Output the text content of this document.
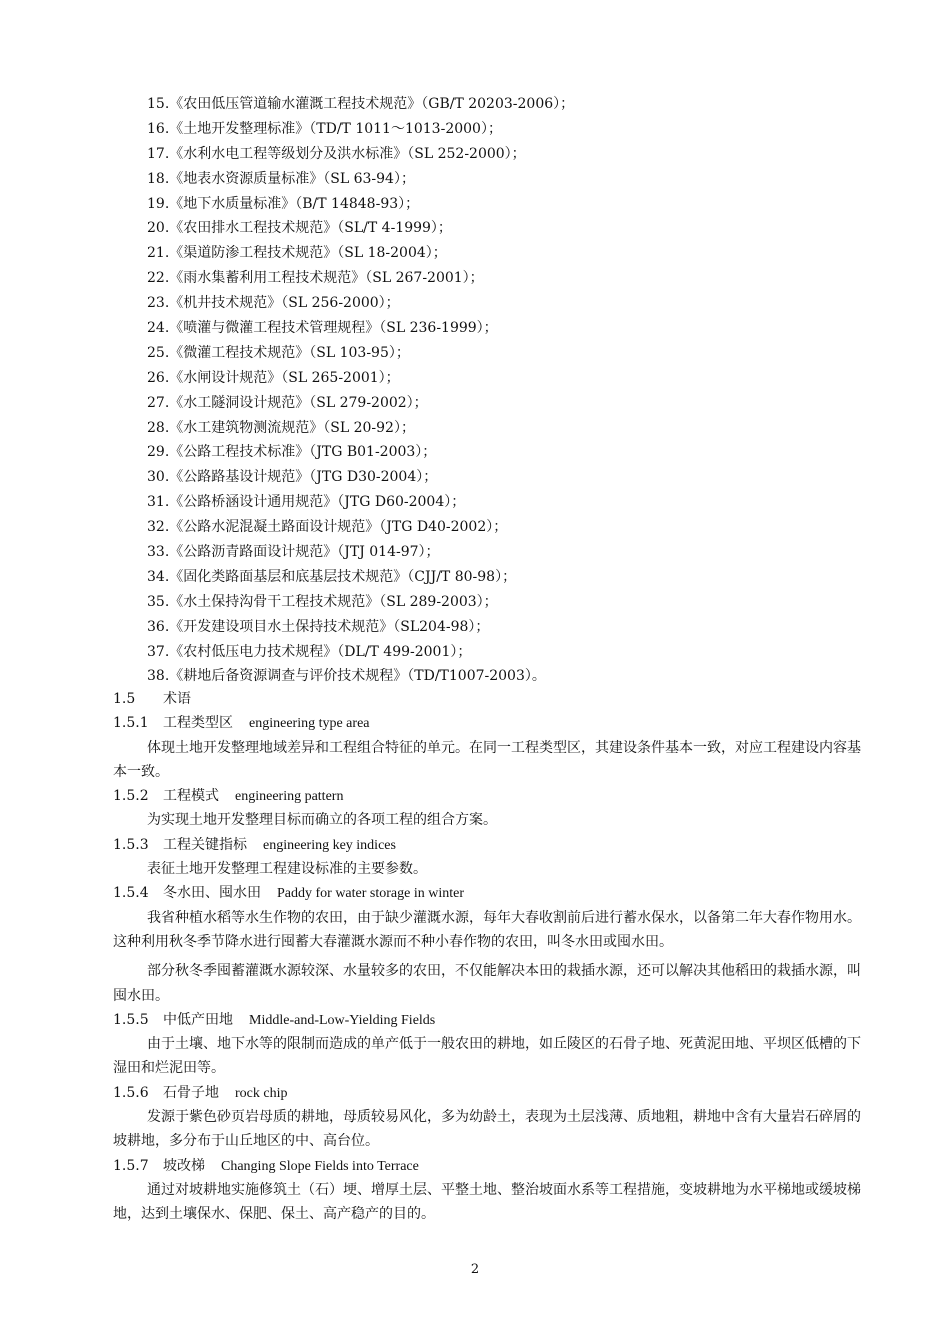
15.《农田低压管道输水灌溉工程技术规范》（GB/T 20203-2006）；
16.《土地开发整理标准》（TD/T 1011～1013-2000）；
17.《水利水电工程等级划分及洪水标准》（SL 252-2000）；
18.《地表水资源质量标准》（SL 63-94）；
19.《地下水质量标准》（B/T 14848-93）；
20.《农田排水工程技术规范》（SL/T 4-1999）；
21.《渠道防渗工程技术规范》（SL 18-2004）；
22.《雨水集蓄利用工程技术规范》（SL 267-2001）；
23.《机井技术规范》（SL 256-2000）；
24.《喷灌与微灌工程技术管理规程》（SL 236-1999）；
25.《微灌工程技术规范》（SL 103-95）；
26.《水闸设计规范》（SL 265-2001）；
27.《水工隧洞设计规范》（SL 279-2002）；
28.《水工建筑物测流规范》（SL 20-92）；
29.《公路工程技术标准》（JTG B01-2003）；
30.《公路路基设计规范》（JTG D30-2004）；
31.《公路桥涵设计通用规范》（JTG D60-2004）；
32.《公路水泥混凝土路面设计规范》（JTG D40-2002）；
33.《公路沥青路面设计规范》（JTJ 014-97）；
34.《固化类路面基层和底基层技术规范》（CJJ/T 80-98）；
35.《水土保持沟骨干工程技术规范》（SL 289-2003）；
36.《开发建设项目水土保持技术规范》（SL204-98）；
37.《农村低压电力技术规程》（DL/T 499-2001）；
38.《耕地后备资源调查与评价技术规程》（TD/T1007-2003）。
1.5 术语
1.5.1 工程类型区 engineering type area

体现土地开发整理地域差异和工程组合特征的单元。在同一工程类型区，其建设条件基本一致，对应工程建设内容基本一致。

1.5.2 工程模式 engineering pattern

为实现土地开发整理目标而确立的各项工程的组合方案。

1.5.3 工程关键指标 engineering key indices

表征土地开发整理工程建设标准的主要参数。

1.5.4 冬水田、囤水田 Paddy for water storage in winter

我省种植水稻等水生作物的农田，由于缺少灌溉水源，每年大春收割前后进行蓄水保水，以备第二年大春作物用水。这种利用秋冬季节降水进行囤蓄大春灌溉水源而不种小春作物的农田，叫冬水田或囤水田。

部分秋冬季囤蓄灌溉水源较深、水量较多的农田，不仅能解决本田的栽插水源，还可以解决其他稻田的栽插水源，叫囤水田。

1.5.5 中低产田地 Middle-and-Low-Yielding Fields

由于土壤、地下水等的限制而造成的单产低于一般农田的耕地，如丘陵区的石骨子地、死黄泥田地、平坝区低槽的下湿田和烂泥田等。

1.5.6 石骨子地 rock chip

发源于紫色砂页岩母质的耕地，母质较易风化，多为幼龄土，表现为土层浅薄、质地粗，耕地中含有大量岩石碎屑的坡耕地，多分布于山丘地区的中、高台位。

1.5.7 坡改梯 Changing Slope Fields into Terrace

通过对坡耕地实施修筑土（石）埂、增厚土层、平整土地、整治坡面水系等工程措施，变坡耕地为水平梯地或缓坡梯地，达到土壤保水、保肥、保土、高产稳产的目的。

2
